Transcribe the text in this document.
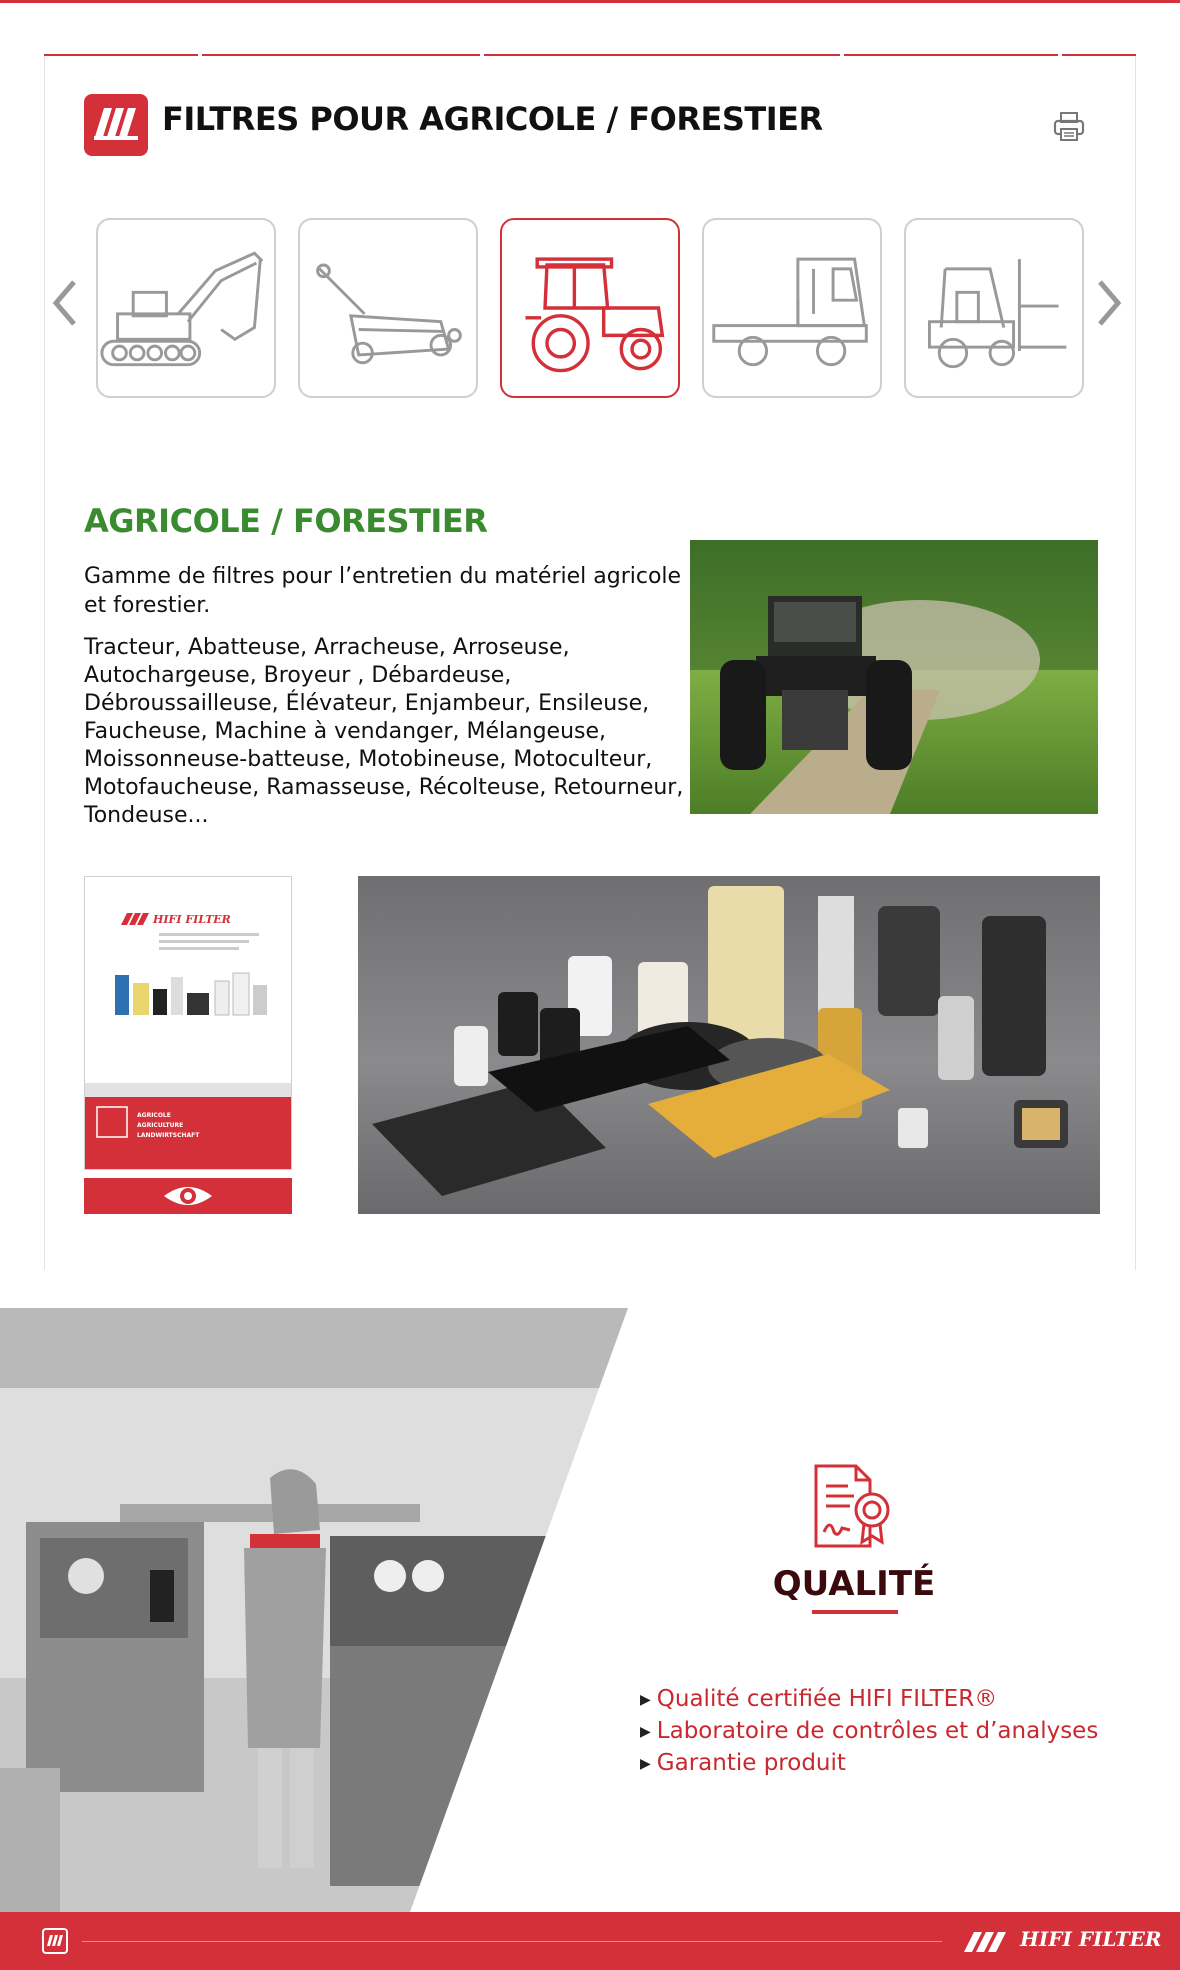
FILTRES POUR AGRICOLE / FORESTIER
AGRICOLE / FORESTIER

Gamme de filtres pour l’entretien du matériel agricole et forestier.

Tracteur, Abatteuse, Arracheuse, Arroseuse, Autochargeuse, Broyeur , Débardeuse, Débroussailleuse, Élévateur, Enjambeur, Ensileuse, Faucheuse, Machine à vendanger, Mélangeuse, Moissonneuse-batteuse, Motobineuse, Motoculteur, Motofaucheuse, Ramasseuse, Récolteuse, Retourneur, Tondeuse...

HIFI FILTER
AGRICOLE
AGRICULTURE
LANDWIRTSCHAFT
QUALITÉ
▶ Qualité certifiée HIFI FILTER®
▶ Laboratoire de contrôles et d’analyses
▶ Garantie produit
HIFI FILTER
